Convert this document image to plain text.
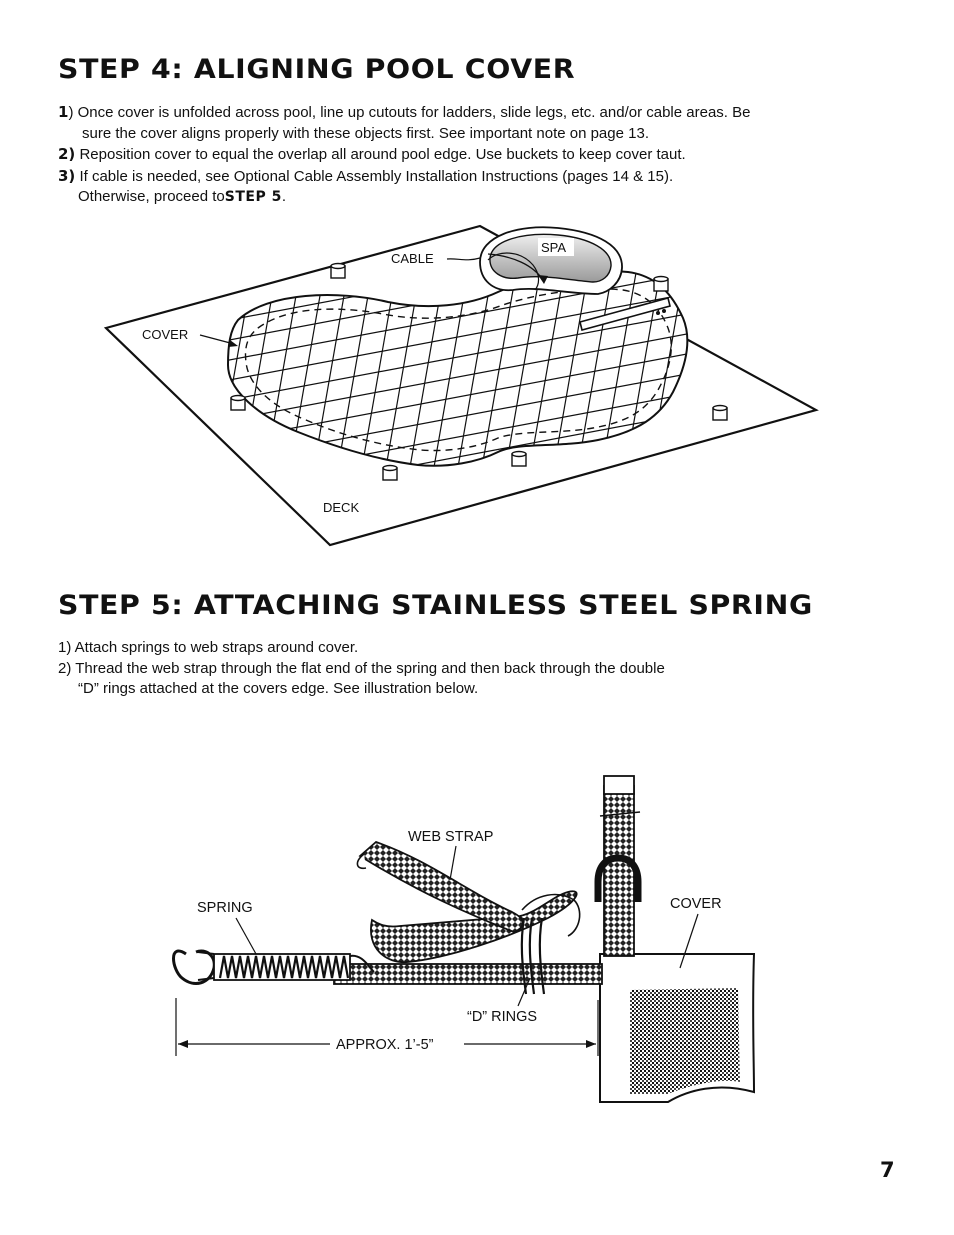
STEP 4: ALIGNING POOL COVER
1) Once cover is unfolded across pool, line up cutouts for ladders, slide legs, etc. and/or cable areas. Be
sure the cover aligns properly with these objects first. See important note on page 13.
2) Reposition cover to equal the overlap all around pool edge. Use buckets to keep cover taut.
3) If cable is needed, see Optional Cable Assembly Installation Instructions (pages 14 & 15).
Otherwise, proceed toSTEP 5.
CABLE
SPA
COVER
DECK
STEP 5: ATTACHING STAINLESS STEEL SPRING
1) Attach springs to web straps around cover.
2) Thread the web strap through the flat end of the spring and then back through the double
“D” rings attached at the covers edge. See illustration below.
WEB STRAP
SPRING	COVER
“D” RINGS
APPROX. 1’-5”
7
